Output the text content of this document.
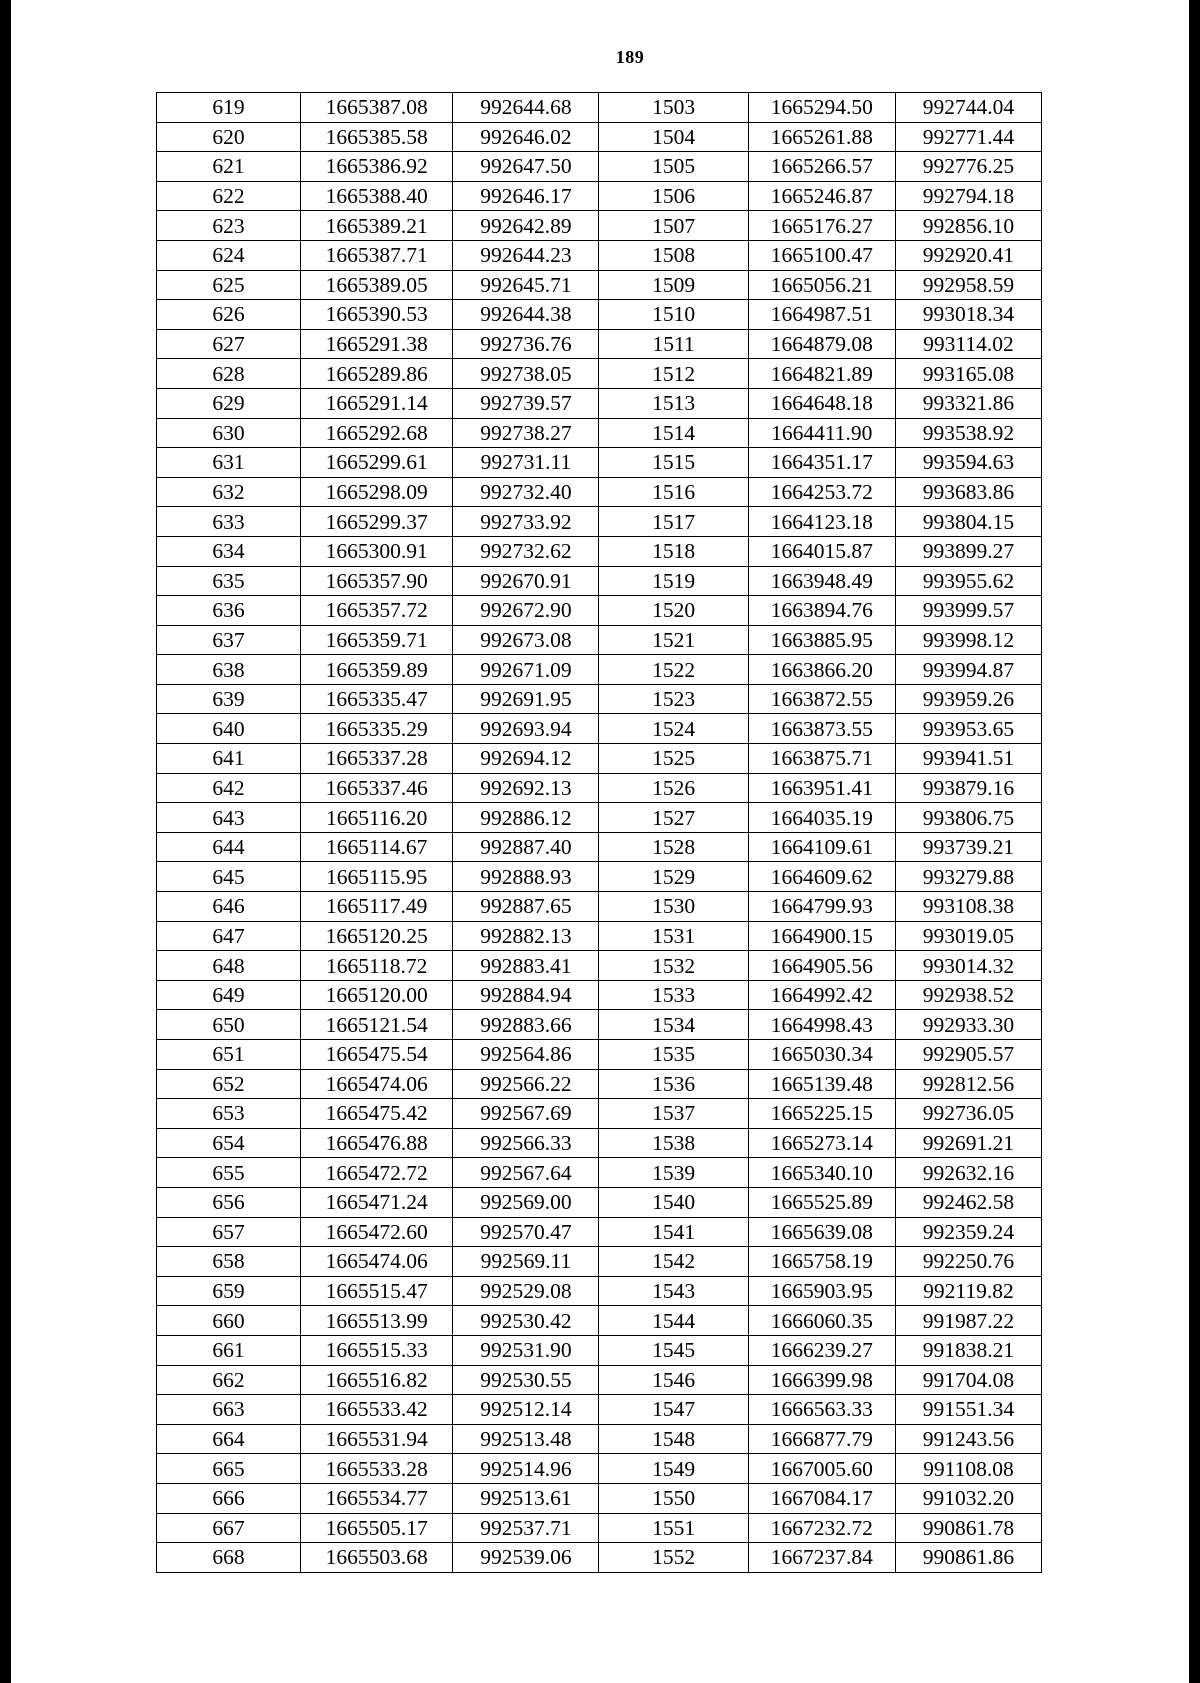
189
619	1665387.08	992644.68	1503	1665294.50	992744.04
620	1665385.58	992646.02	1504	1665261.88	992771.44
621	1665386.92	992647.50	1505	1665266.57	992776.25
622	1665388.40	992646.17	1506	1665246.87	992794.18
623	1665389.21	992642.89	1507	1665176.27	992856.10
624	1665387.71	992644.23	1508	1665100.47	992920.41
625	1665389.05	992645.71	1509	1665056.21	992958.59
626	1665390.53	992644.38	1510	1664987.51	993018.34
627	1665291.38	992736.76	1511	1664879.08	993114.02
628	1665289.86	992738.05	1512	1664821.89	993165.08
629	1665291.14	992739.57	1513	1664648.18	993321.86
630	1665292.68	992738.27	1514	1664411.90	993538.92
631	1665299.61	992731.11	1515	1664351.17	993594.63
632	1665298.09	992732.40	1516	1664253.72	993683.86
633	1665299.37	992733.92	1517	1664123.18	993804.15
634	1665300.91	992732.62	1518	1664015.87	993899.27
635	1665357.90	992670.91	1519	1663948.49	993955.62
636	1665357.72	992672.90	1520	1663894.76	993999.57
637	1665359.71	992673.08	1521	1663885.95	993998.12
638	1665359.89	992671.09	1522	1663866.20	993994.87
639	1665335.47	992691.95	1523	1663872.55	993959.26
640	1665335.29	992693.94	1524	1663873.55	993953.65
641	1665337.28	992694.12	1525	1663875.71	993941.51
642	1665337.46	992692.13	1526	1663951.41	993879.16
643	1665116.20	992886.12	1527	1664035.19	993806.75
644	1665114.67	992887.40	1528	1664109.61	993739.21
645	1665115.95	992888.93	1529	1664609.62	993279.88
646	1665117.49	992887.65	1530	1664799.93	993108.38
647	1665120.25	992882.13	1531	1664900.15	993019.05
648	1665118.72	992883.41	1532	1664905.56	993014.32
649	1665120.00	992884.94	1533	1664992.42	992938.52
650	1665121.54	992883.66	1534	1664998.43	992933.30
651	1665475.54	992564.86	1535	1665030.34	992905.57
652	1665474.06	992566.22	1536	1665139.48	992812.56
653	1665475.42	992567.69	1537	1665225.15	992736.05
654	1665476.88	992566.33	1538	1665273.14	992691.21
655	1665472.72	992567.64	1539	1665340.10	992632.16
656	1665471.24	992569.00	1540	1665525.89	992462.58
657	1665472.60	992570.47	1541	1665639.08	992359.24
658	1665474.06	992569.11	1542	1665758.19	992250.76
659	1665515.47	992529.08	1543	1665903.95	992119.82
660	1665513.99	992530.42	1544	1666060.35	991987.22
661	1665515.33	992531.90	1545	1666239.27	991838.21
662	1665516.82	992530.55	1546	1666399.98	991704.08
663	1665533.42	992512.14	1547	1666563.33	991551.34
664	1665531.94	992513.48	1548	1666877.79	991243.56
665	1665533.28	992514.96	1549	1667005.60	991108.08
666	1665534.77	992513.61	1550	1667084.17	991032.20
667	1665505.17	992537.71	1551	1667232.72	990861.78
668	1665503.68	992539.06	1552	1667237.84	990861.86
